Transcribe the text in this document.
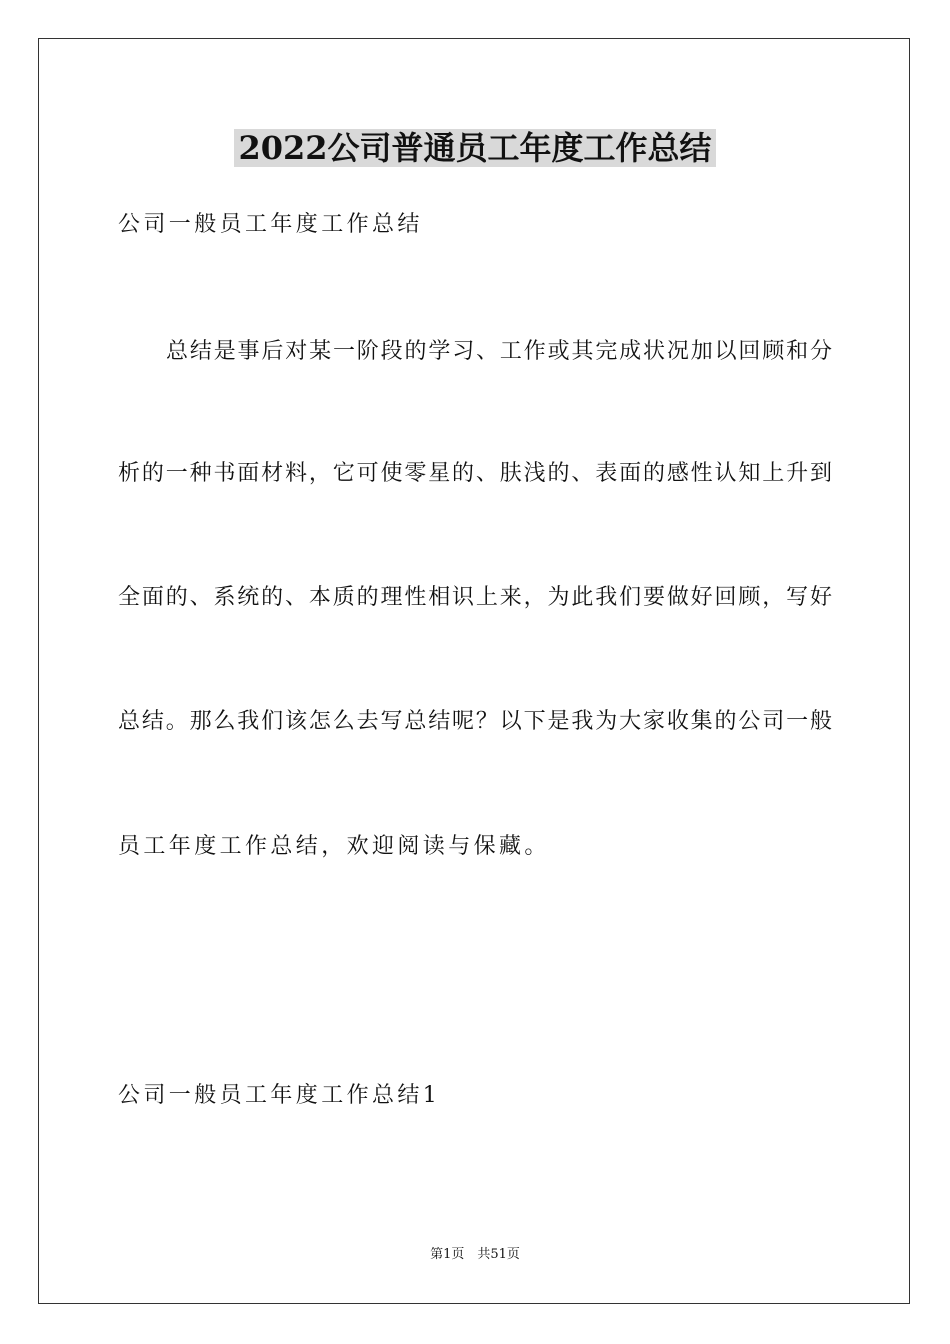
2022公司普通员工年度工作总结
公司一般员工年度工作总结
总结是事后对某一阶段的学习、工作或其完成状况加以回顾和分
析的一种书面材料，它可使零星的、肤浅的、表面的感性认知上升到
全面的、系统的、本质的理性相识上来，为此我们要做好回顾，写好
总结。那么我们该怎么去写总结呢？以下是我为大家收集的公司一般
员工年度工作总结，欢迎阅读与保藏。
公司一般员工年度工作总结1
第1页　共51页
